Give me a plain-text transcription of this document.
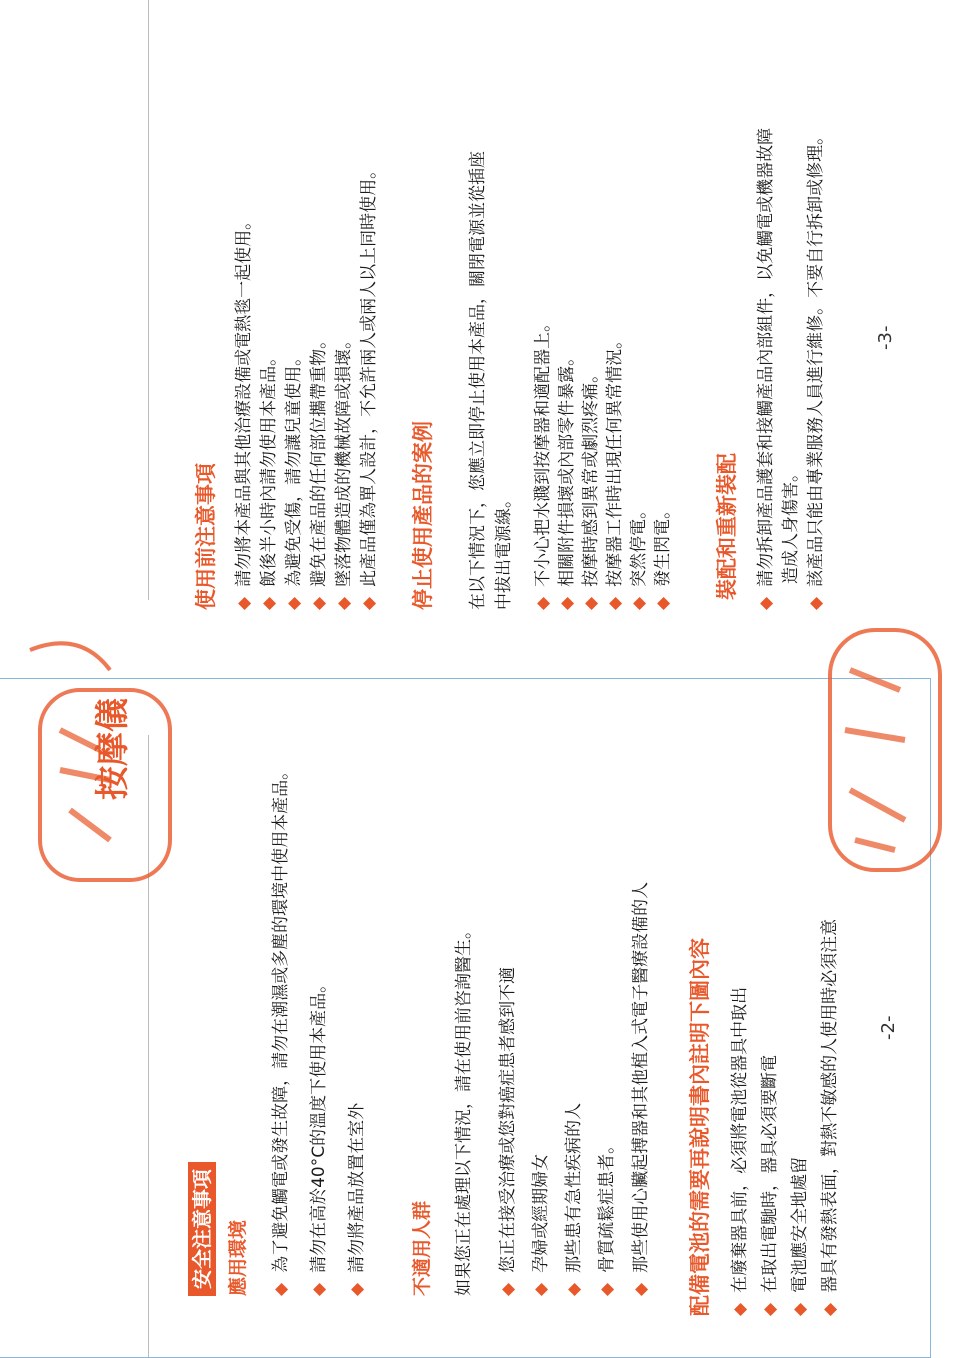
按摩儀
安全注意事項 應用環境 ◆為了避免觸電或發生故障，請勿在潮濕或多塵的環境中使用本產品。
◆請勿在高於40°C的溫度下使用本產品。
◆請勿將產品放置在室外 不適用人群 如果您正在處理以下情況，請在使用前咨詢醫生。 ◆您正在接受治療或您對癌症患者感到不適
◆孕婦或經期婦女
◆那些患有急性疾病的人
◆骨質疏鬆症患者。
◆那些使用心臟起搏器和其他植入式電子醫療設備的人 配備電池的需要再說明書內註明下圖內容 ◆在廢棄器具前，必須將電池從器具中取出
◆在取出電馳時，器具必須要斷電
◆電池應安全地處留
◆器具有發熱表面，對熱不敏感的人使用時必須注意 -2-
使用前注意事項 ◆請勿將本產品與其他治療設備或電熱毯一起使用。
◆飯後半小時內請勿使用本產品。
◆為避免受傷，請勿讓兒童使用。
◆避免在產品的任何部位攜帶重物。
◆墜落物體造成的機械故障或損壞。
◆此產品僅為單人設計，不允許兩人或兩人以上同時使用。 停止使用產品的案例 在以下情況下，您應立即停止使用本產品，關閉電源並從插座 中拔出電源線。 ◆不小心把水濺到按摩器和適配器上。
◆相關附件損壞或內部零件暴露。
◆按摩時感到異常或劇烈疼痛。
◆按摩器工作時出現任何異常情況。
◆突然停電。
◆發生閃電。 裝配和重新裝配
◆請勿拆卸產品護套和接觸產品內部組件，以免觸電或機器故障 造成人身傷害。
◆該產品只能由專業服務人員進行維修。不要自行拆卸或修理。	-3-
